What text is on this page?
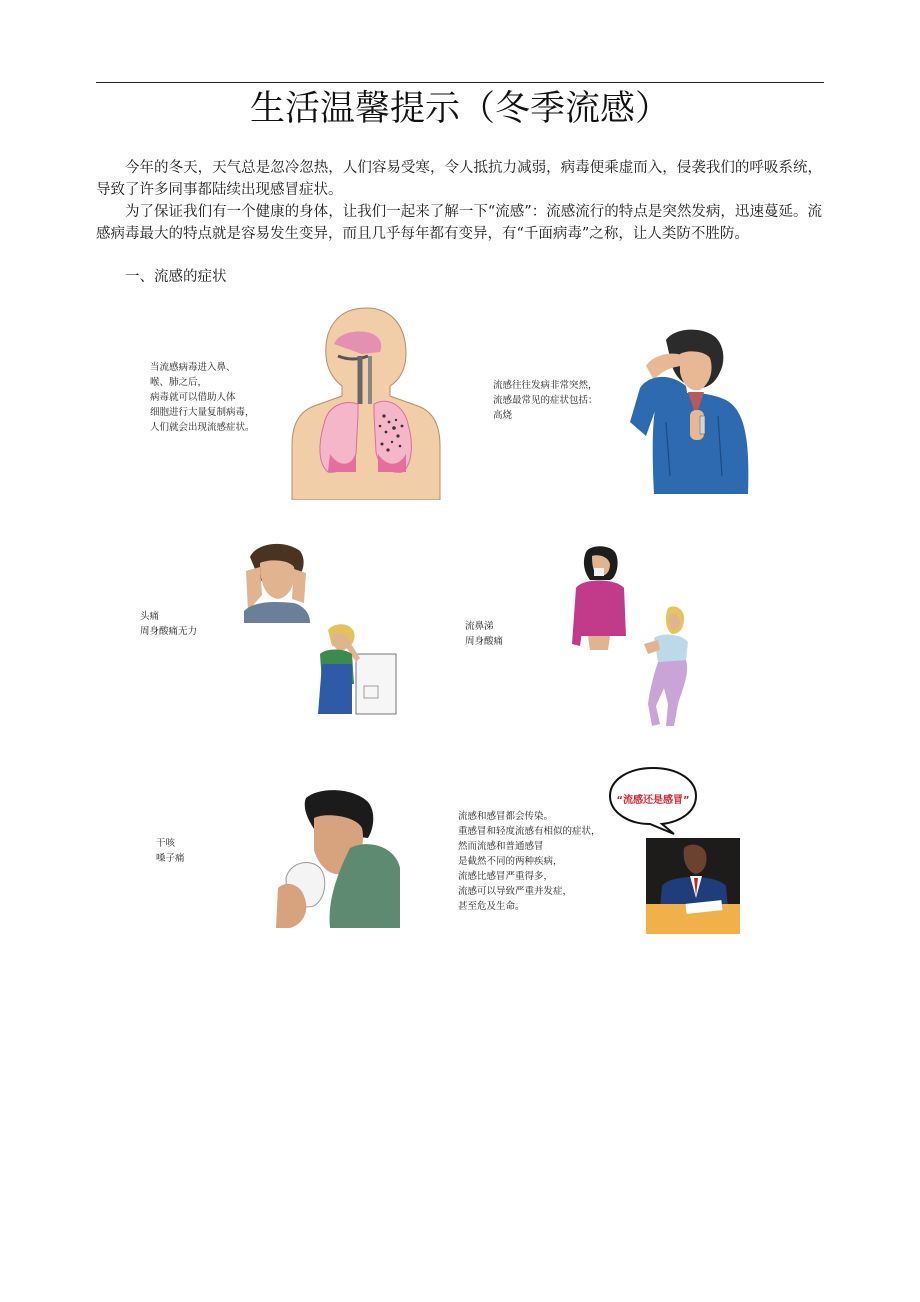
生活温馨提示（冬季流感）
今年的冬天，天气总是忽冷忽热，人们容易受寒，令人抵抗力减弱，病毒便乘虚而入，侵袭我们的呼吸系统，导致了许多同事都陆续出现感冒症状。
为了保证我们有一个健康的身体，让我们一起来了解一下“流感”：流感流行的特点是突然发病，迅速蔓延。流感病毒最大的特点就是容易发生变异，而且几乎每年都有变异，有“千面病毒”之称，让人类防不胜防。
一、流感的症状
当流感病毒进入鼻、
喉、肺之后，
病毒就可以借助人体
细胞进行大量复制病毒，
人们就会出现流感症状。
流感往往发病非常突然，
流感最常见的症状包括：
高烧
头痛
周身酸痛无力	流鼻涕
周身酸痛
干咳
嗓子痛
流感和感冒都会传染。
重感冒和轻度流感有相似的症状，
然而流感和普通感冒
是截然不同的两种疾病，
流感比感冒严重得多，
流感可以导致严重并发症，
甚至危及生命。
“流感还是感冒”
